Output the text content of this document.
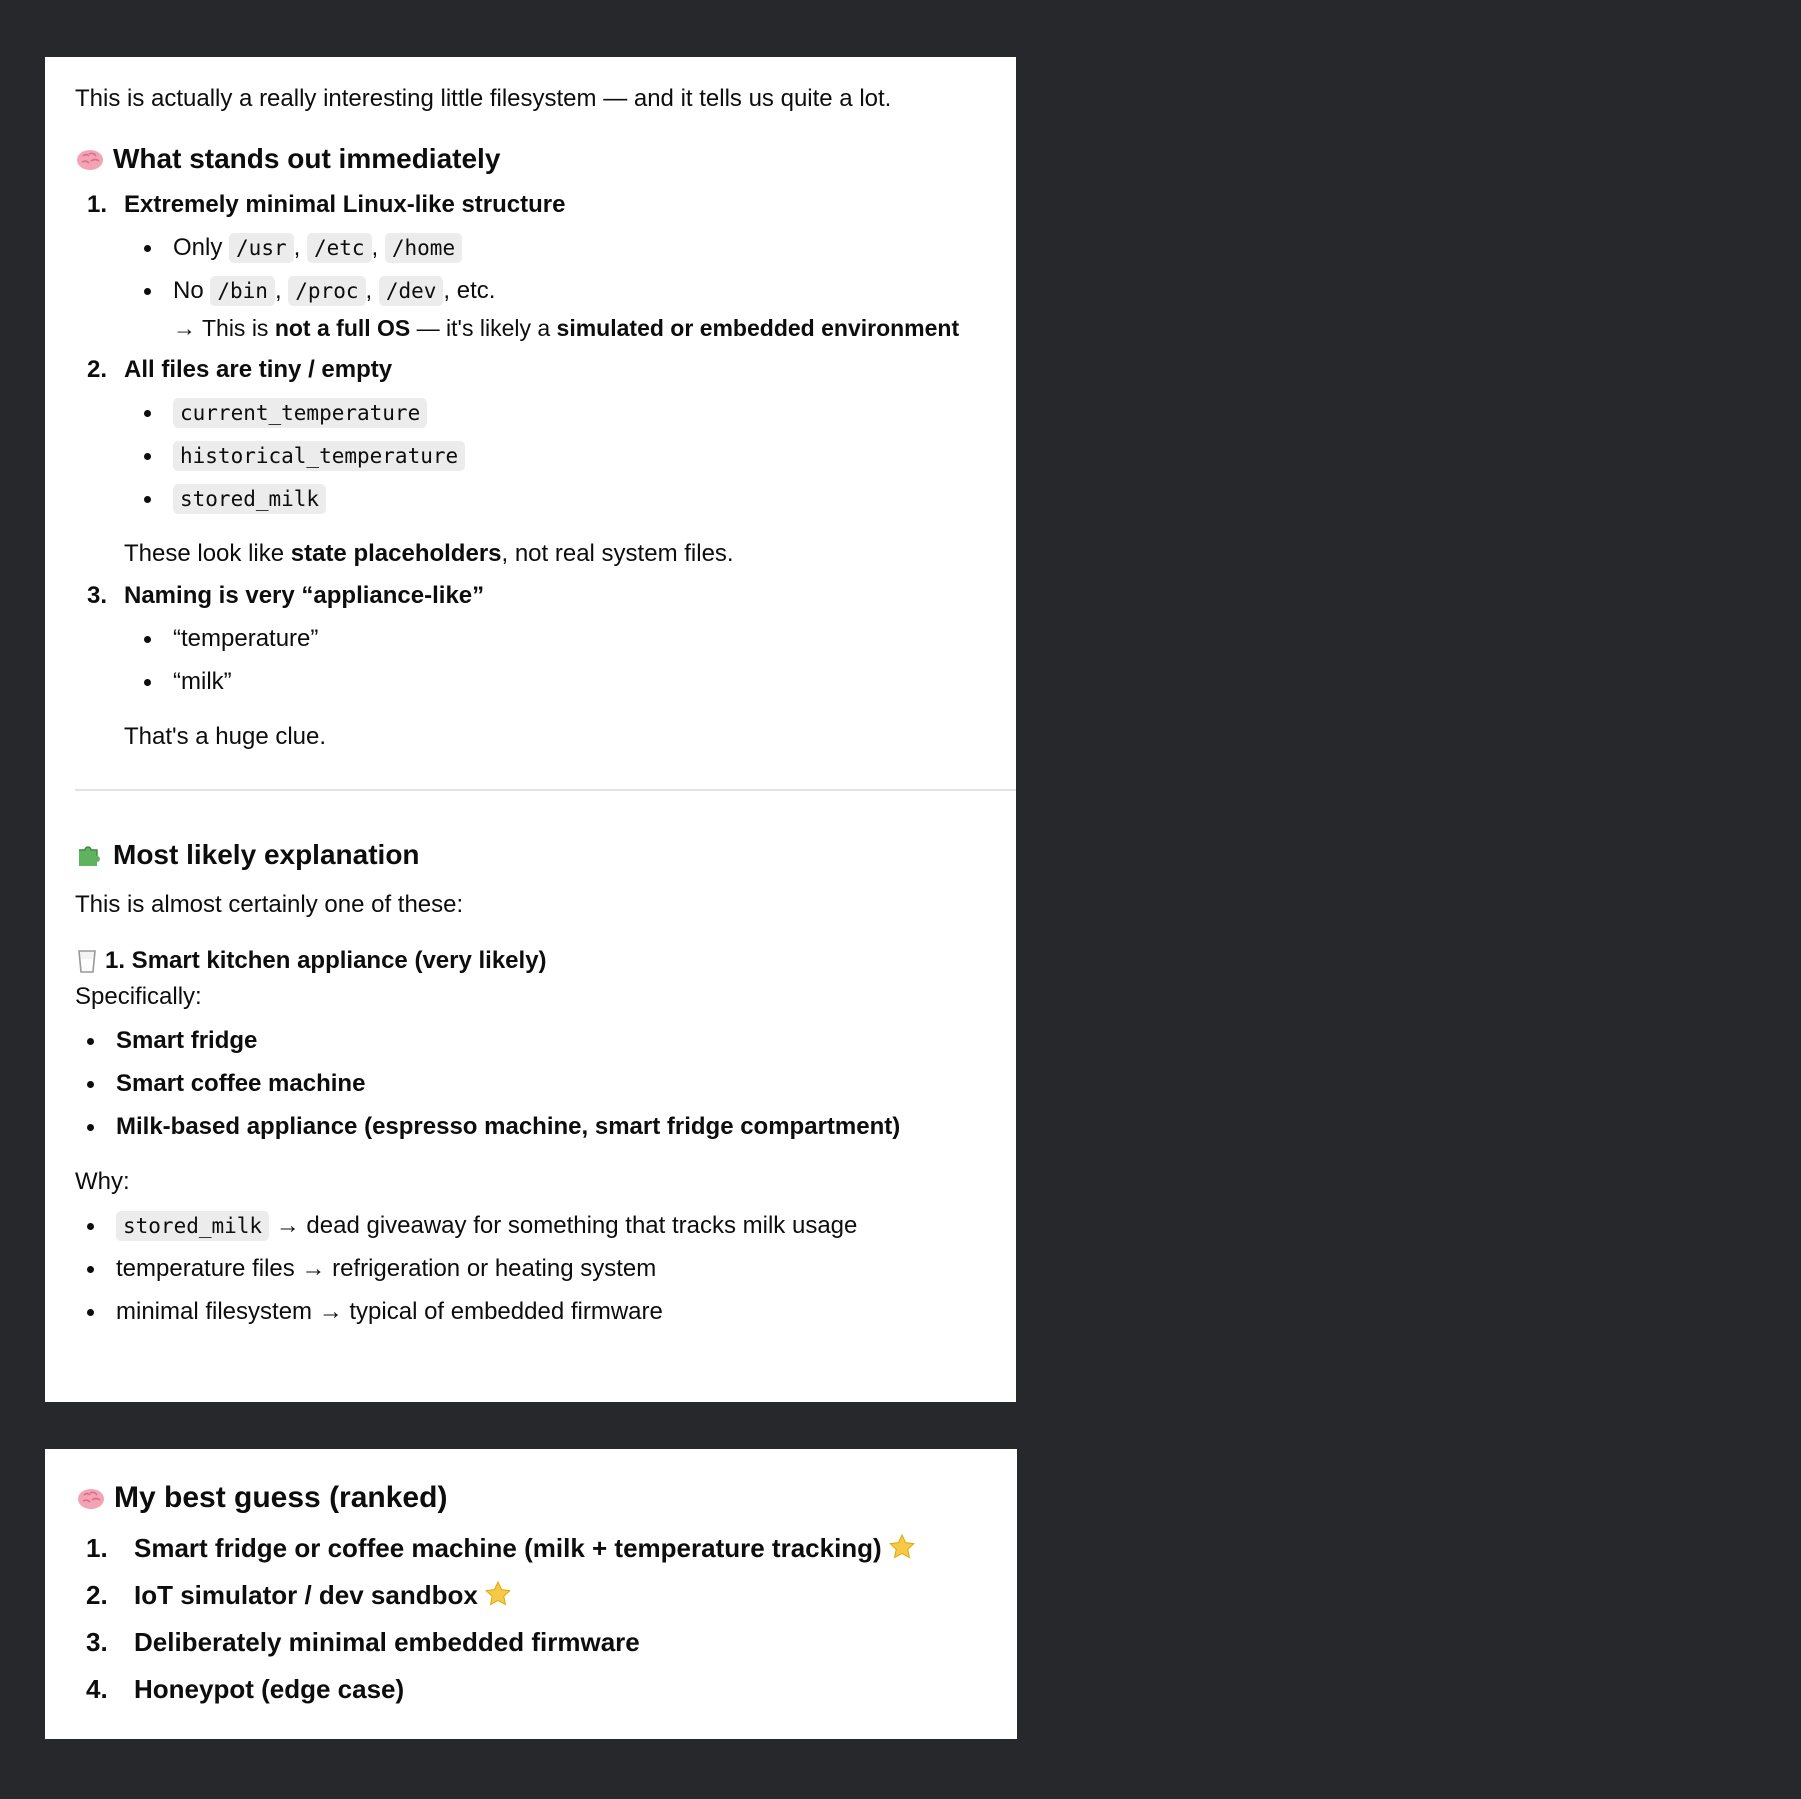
This is actually a really interesting little filesystem — and it tells us quite a lot.

What stands out immediately
1. Extremely minimal Linux-like structure
Only /usr , /etc , /home
No /bin , /proc , /dev , etc.
→ This is not a full OS — it's likely a simulated or embedded environment
2. All files are tiny / empty
current_temperature
historical_temperature
stored_milk
These look like state placeholders, not real system files.
3. Naming is very “appliance-like”
“temperature”
“milk”
That's a huge clue.
Most likely explanation

This is almost certainly one of these:

1. Smart kitchen appliance (very likely)

Specifically:

Smart fridge
Smart coffee machine
Milk-based appliance (espresso machine, smart fridge compartment)

Why:

stored_milk → dead giveaway for something that tracks milk usage
temperature files → refrigeration or heating system
minimal filesystem → typical of embedded firmware
My best guess (ranked)
1. Smart fridge or coffee machine (milk + temperature tracking)
2. IoT simulator / dev sandbox
3. Deliberately minimal embedded firmware
4. Honeypot (edge case)
